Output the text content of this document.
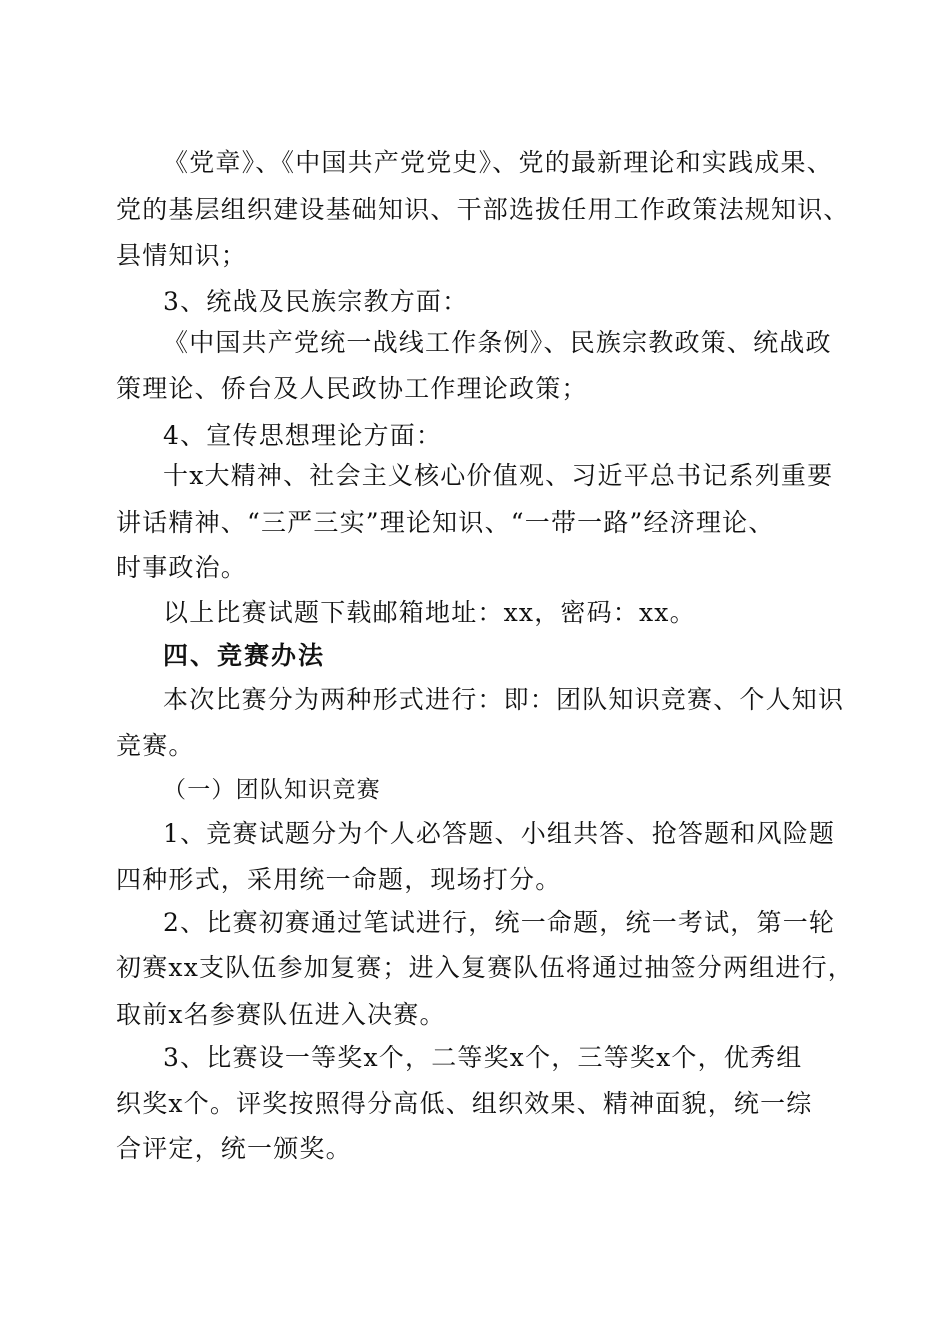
《党章》、《中国共产党党史》、党的最新理论和实践成果、
党的基层组织建设基础知识、干部选拔任用工作政策法规知识、
县情知识；
3、统战及民族宗教方面：
《中国共产党统一战线工作条例》、民族宗教政策、统战政
策理论、侨台及人民政协工作理论政策；
4、宣传思想理论方面：
十x大精神、社会主义核心价值观、习近平总书记系列重要
讲话精神、“三严三实”理论知识、“一带一路”经济理论、
时事政治。
以上比赛试题下载邮箱地址：xx，密码：xx。
四、竞赛办法
本次比赛分为两种形式进行：即：团队知识竞赛、个人知识
竞赛。
（一）团队知识竞赛
1、竞赛试题分为个人必答题、小组共答、抢答题和风险题
四种形式，采用统一命题，现场打分。
2、比赛初赛通过笔试进行，统一命题，统一考试，第一轮
初赛xx支队伍参加复赛；进入复赛队伍将通过抽签分两组进行，
取前x名参赛队伍进入决赛。
3、比赛设一等奖x个，二等奖x个，三等奖x个，优秀组
织奖x个。评奖按照得分高低、组织效果、精神面貌，统一综
合评定，统一颁奖。
